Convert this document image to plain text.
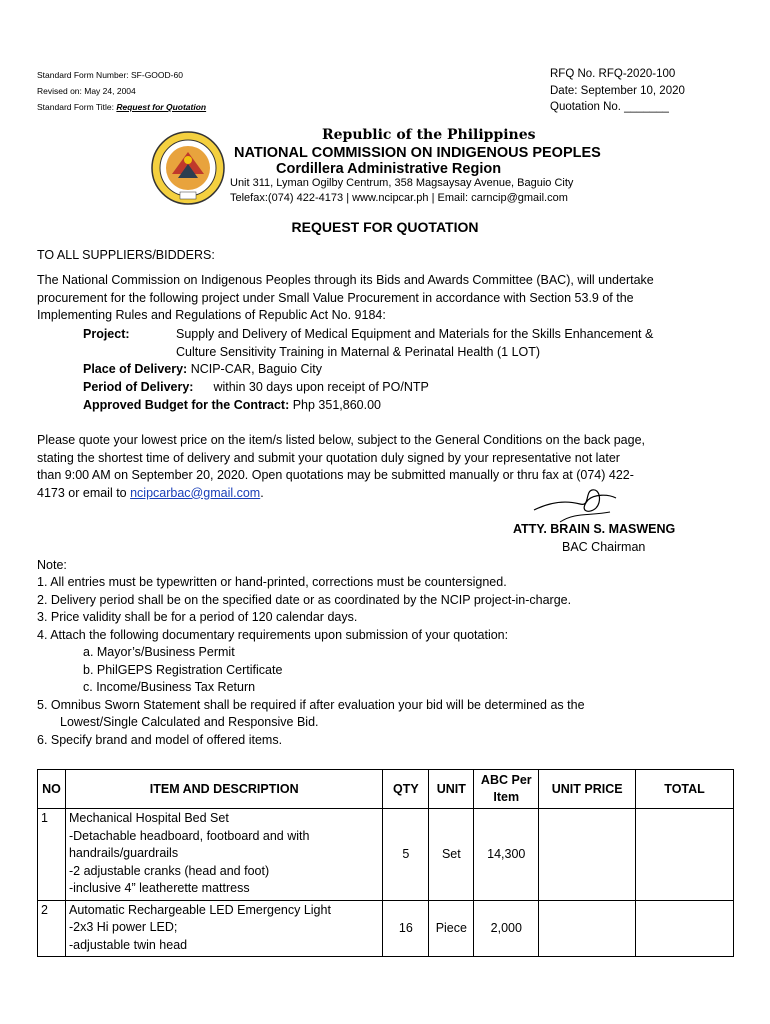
Standard Form Number: SF-GOOD-60
Revised on: May 24, 2004
Standard Form Title: Request for Quotation
RFQ No. RFQ-2020-100
Date: September 10, 2020
Quotation No. _______
Republic of the Philippines
NATIONAL COMMISSION ON INDIGENOUS PEOPLES
Cordillera Administrative Region
Unit 311, Lyman Ogilby Centrum, 358 Magsaysay Avenue, Baguio City
Telefax:(074) 422-4173 | www.ncipcar.ph | Email: carncip@gmail.com
REQUEST FOR QUOTATION
TO ALL SUPPLIERS/BIDDERS:
The National Commission on Indigenous Peoples through its Bids and Awards Committee (BAC), will undertake
procurement for the following project under Small Value Procurement in accordance with Section 53.9 of the
Implementing Rules and Regulations of Republic Act No. 9184:
Project:	Supply and Delivery of Medical Equipment and Materials for the Skills Enhancement &
Culture Sensitivity Training in Maternal & Perinatal Health (1 LOT)
Place of Delivery: NCIP-CAR, Baguio City
Period of Delivery: within 30 days upon receipt of PO/NTP
Approved Budget for the Contract: Php 351,860.00
Please quote your lowest price on the item/s listed below, subject to the General Conditions on the back page,
stating the shortest time of delivery and submit your quotation duly signed by your representative not later
than 9:00 AM on September 20, 2020. Open quotations may be submitted manually or thru fax at (074) 422-
4173 or email to ncipcarbac@gmail.com.
ATTY. BRAIN S. MASWENG
BAC Chairman
Note:
1. All entries must be typewritten or hand-printed, corrections must be countersigned.
2. Delivery period shall be on the specified date or as coordinated by the NCIP project-in-charge.
3. Price validity shall be for a period of 120 calendar days.
4. Attach the following documentary requirements upon submission of your quotation:
a. Mayor’s/Business Permit
b. PhilGEPS Registration Certificate
c. Income/Business Tax Return
5. Omnibus Sworn Statement shall be required if after evaluation your bid will be determined as the
Lowest/Single Calculated and Responsive Bid.
6. Specify brand and model of offered items.
NO	ITEM AND DESCRIPTION	QTY	UNIT	ABC Per Item	UNIT PRICE	TOTAL
1	Mechanical Hospital Bed Set
-Detachable headboard, footboard and with
handrails/guardrails
-2 adjustable cranks (head and foot)
-inclusive 4” leatherette mattress	5	Set	14,300		
2	Automatic Rechargeable LED Emergency Light
-2x3 Hi power LED;
-adjustable twin head	16	Piece	2,000		
